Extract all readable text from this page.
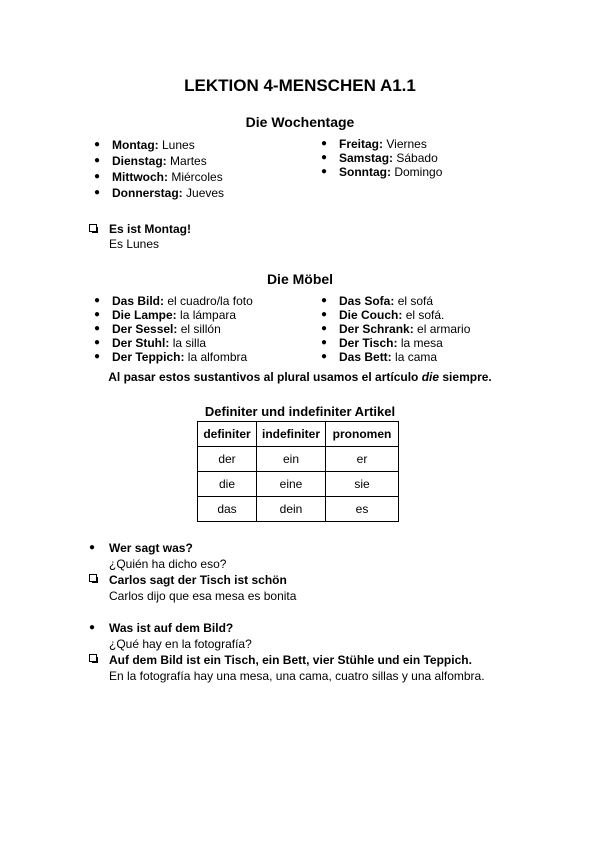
LEKTION 4-MENSCHEN A1.1
Die Wochentage
● Montag: Lunes
● Dienstag: Martes
● Mittwoch: Miércoles
● Donnerstag: Jueves
● Freitag: Viernes
● Samstag: Sábado
● Sonntag: Domingo
Es ist Montag!
Es Lunes
Die Möbel
● Das Bild: el cuadro/la foto
● Die Lampe: la lámpara
● Der Sessel: el sillón
● Der Stuhl: la silla
● Der Teppich: la alfombra
● Das Sofa: el sofá
● Die Couch: el sofá.
● Der Schrank: el armario
● Der Tisch: la mesa
● Das Bett: la cama
Al pasar estos sustantivos al plural usamos el artículo die siempre.
Definiter und indefiniter Artikel
definiter	indefiniter	pronomen
der	ein	er
die	eine	sie
das	dein	es
● Wer sagt was?
¿Quién ha dicho eso?
Carlos sagt der Tisch ist schön
Carlos dijo que esa mesa es bonita
● Was ist auf dem Bild?
¿Qué hay en la fotografía?
Auf dem Bild ist ein Tisch, ein Bett, vier Stühle und ein Teppich.
En la fotografía hay una mesa, una cama, cuatro sillas y una alfombra.
